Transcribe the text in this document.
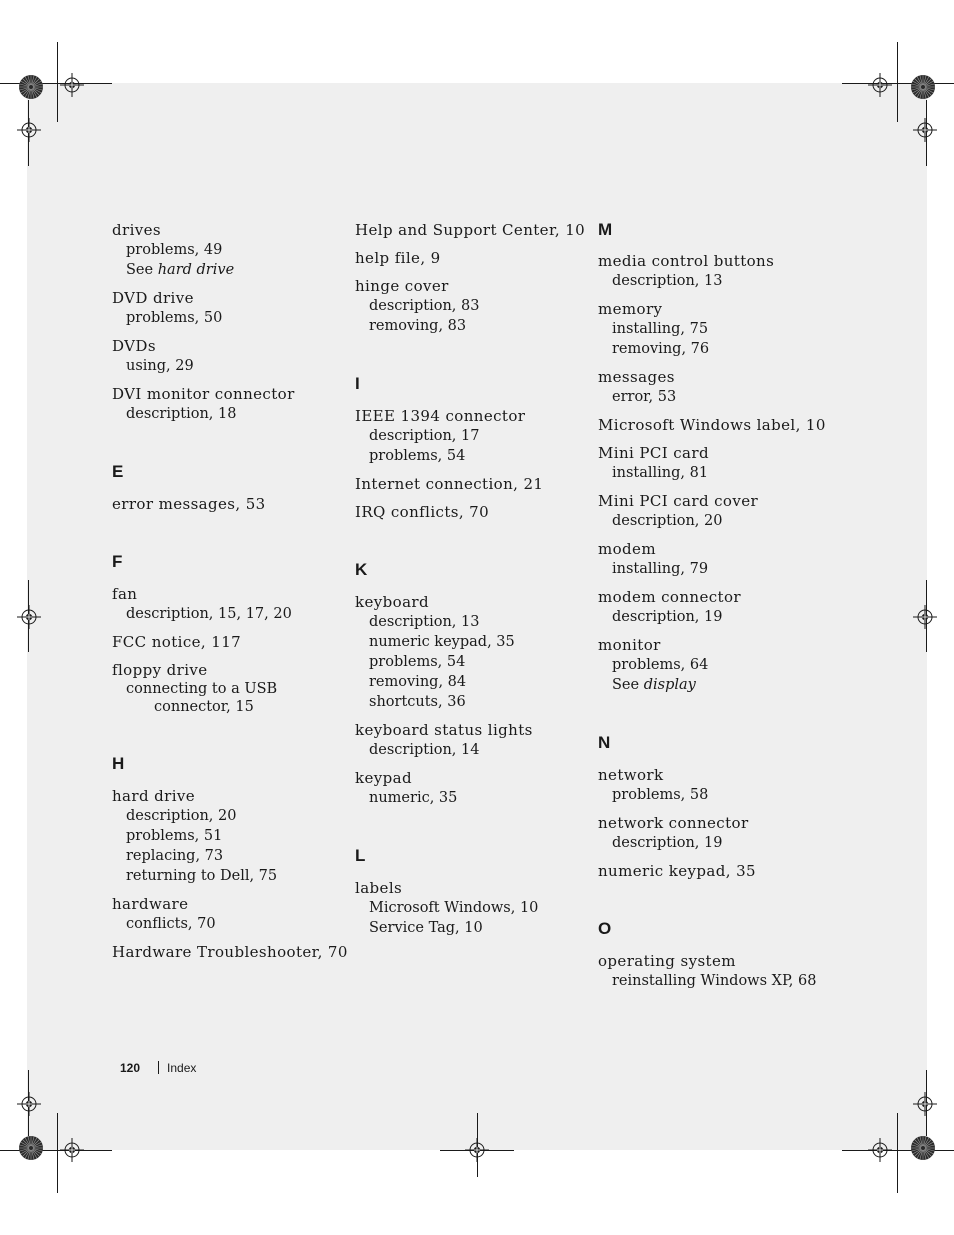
drives
problems, 49
See hard drive
DVD drive
problems, 50
DVDs
using, 29
DVI monitor connector
description, 18
E
error messages, 53
F
fan
description, 15, 17, 20
FCC notice, 117
floppy drive
connecting to a USB
connector, 15
H
hard drive
description, 20
problems, 51
replacing, 73
returning to Dell, 75
hardware
conflicts, 70
Hardware Troubleshooter, 70
Help and Support Center, 10
help file, 9
hinge cover
description, 83
removing, 83
I
IEEE 1394 connector
description, 17
problems, 54
Internet connection, 21
IRQ conflicts, 70
K
keyboard
description, 13
numeric keypad, 35
problems, 54
removing, 84
shortcuts, 36
keyboard status lights
description, 14
keypad
numeric, 35
L
labels
Microsoft Windows, 10
Service Tag, 10
M
media control buttons
description, 13
memory
installing, 75
removing, 76
messages
error, 53
Microsoft Windows label, 10
Mini PCI card
installing, 81
Mini PCI card cover
description, 20
modem
installing, 79
modem connector
description, 19
monitor
problems, 64
See display
N
network
problems, 58
network connector
description, 19
numeric keypad, 35
O
operating system
reinstalling Windows XP, 68
120 Index
